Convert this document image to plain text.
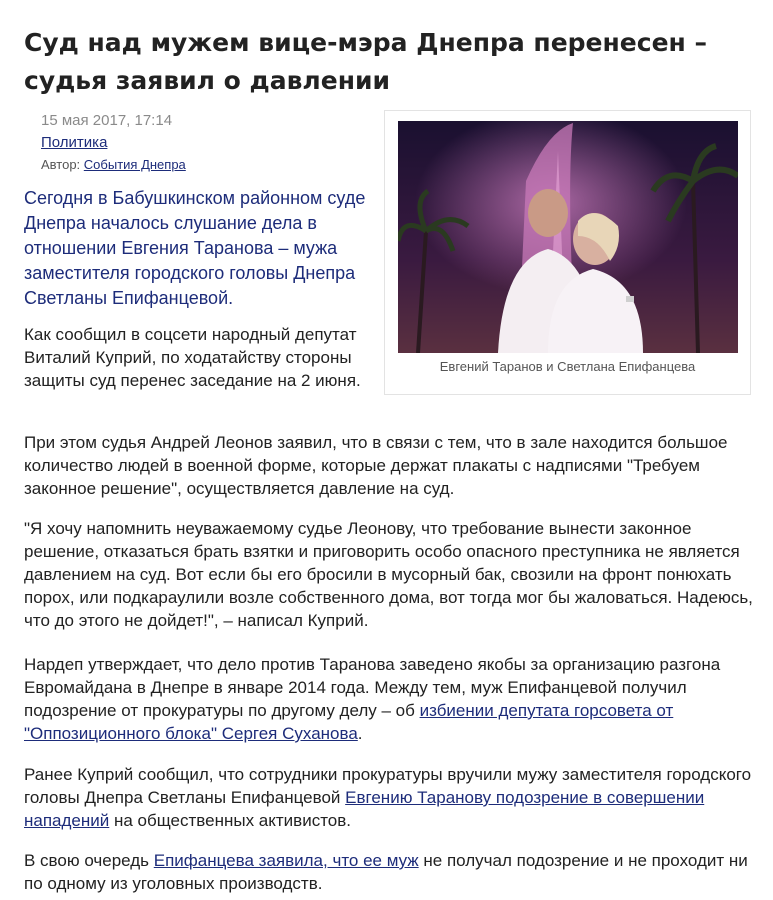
Суд над мужем вице-мэра Днепра перенесен – судья заявил о давлении
15 мая 2017, 17:14
Политика
Автор: События Днепра
Евгений Таранов и Светлана Епифанцева

Сегодня в Бабушкинском районном суде Днепра началось слушание дела в отношении Евгения Таранова – мужа заместителя городского головы Днепра Светланы Епифанцевой.

Как сообщил в соцсети народный депутат Виталий Куприй, по ходатайству стороны защиты суд перенес заседание на 2 июня.

При этом судья Андрей Леонов заявил, что в связи с тем, что в зале находится большое количество людей в военной форме, которые держат плакаты с надписями "Требуем законное решение", осуществляется давление на суд.

"Я хочу напомнить неуважаемому судье Леонову, что требование вынести законное решение, отказаться брать взятки и приговорить особо опасного преступника не является давлением на суд. Вот если бы его бросили в мусорный бак, свозили на фронт понюхать порох, или подкараулили возле собственного дома, вот тогда мог бы жаловаться. Надеюсь, что до этого не дойдет!", – написал Куприй.

Нардеп утверждает, что дело против Таранова заведено якобы за организацию разгона Евромайдана в Днепре в январе 2014 года. Между тем, муж Епифанцевой получил подозрение от прокуратуры по другому делу – об избиении депутата горсовета от "Оппозиционного блока" Сергея Суханова.

Ранее Куприй сообщил, что сотрудники прокуратуры вручили мужу заместителя городского головы Днепра Светланы Епифанцевой Евгению Таранову подозрение в совершении нападений на общественных активистов.

В свою очередь Епифанцева заявила, что ее муж не получал подозрение и не проходит ни по одному из уголовных производств.
